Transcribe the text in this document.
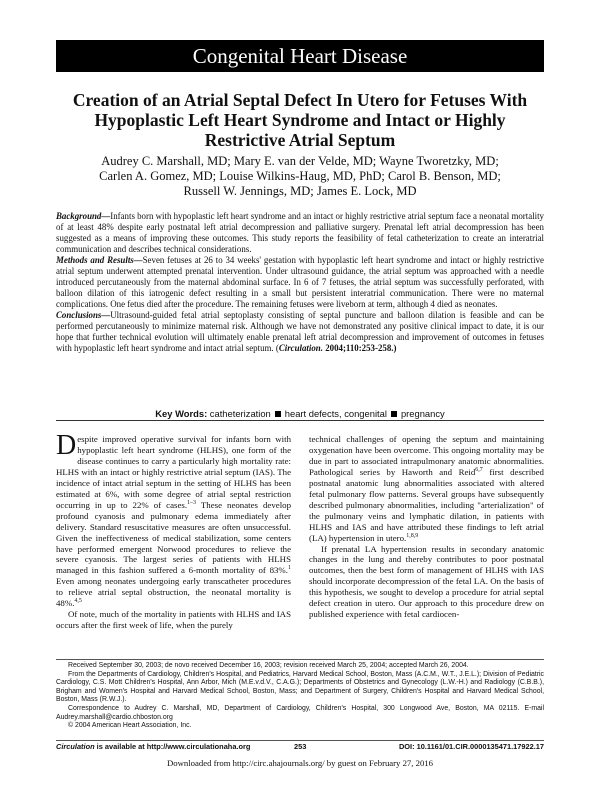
Congenital Heart Disease
Creation of an Atrial Septal Defect In Utero for Fetuses With Hypoplastic Left Heart Syndrome and Intact or Highly Restrictive Atrial Septum
Audrey C. Marshall, MD; Mary E. van der Velde, MD; Wayne Tworetzky, MD;
Carlen A. Gomez, MD; Louise Wilkins-Haug, MD, PhD; Carol B. Benson, MD;
Russell W. Jennings, MD; James E. Lock, MD

Background—Infants born with hypoplastic left heart syndrome and an intact or highly restrictive atrial septum face a neonatal mortality of at least 48% despite early postnatal left atrial decompression and palliative surgery. Prenatal left atrial decompression has been suggested as a means of improving these outcomes. This study reports the feasibility of fetal catheterization to create an interatrial communication and describes technical considerations.

Methods and Results—Seven fetuses at 26 to 34 weeks' gestation with hypoplastic left heart syndrome and intact or highly restrictive atrial septum underwent attempted prenatal intervention. Under ultrasound guidance, the atrial septum was approached with a needle introduced percutaneously from the maternal abdominal surface. In 6 of 7 fetuses, the atrial septum was successfully perforated, with balloon dilation of this iatrogenic defect resulting in a small but persistent interatrial communication. There were no maternal complications. One fetus died after the procedure. The remaining fetuses were liveborn at term, although 4 died as neonates.

Conclusions—Ultrasound-guided fetal atrial septoplasty consisting of septal puncture and balloon dilation is feasible and can be performed percutaneously to minimize maternal risk. Although we have not demonstrated any positive clinical impact to date, it is our hope that further technical evolution will ultimately enable prenatal left atrial decompression and improvement of outcomes in fetuses with hypoplastic left heart syndrome and intact atrial septum. (Circulation. 2004;110:253-258.)

Key Words: catheterization heart defects, congenital pregnancy

Despite improved operative survival for infants born with hypoplastic left heart syndrome (HLHS), one form of the disease continues to carry a particularly high mortality rate: HLHS with an intact or highly restrictive atrial septum (IAS). The incidence of intact atrial septum in the setting of HLHS has been estimated at 6%, with some degree of atrial septal restriction occurring in up to 22% of cases.$^{1-3}$ These neonates develop profound cyanosis and pulmonary edema immediately after delivery. Standard resuscitative measures are often unsuccessful. Given the ineffectiveness of medical stabilization, some centers have performed emergent Norwood procedures to relieve the severe cyanosis. The largest series of patients with HLHS managed in this fashion suffered a 6-month mortality of 83%.$^1$ Even among neonates undergoing early transcatheter procedures to relieve atrial septal obstruction, the neonatal mortality is 48%.$^{4,5}$

Of note, much of the mortality in patients with HLHS and IAS occurs after the first week of life, when the purely

technical challenges of opening the septum and maintaining oxygenation have been overcome. This ongoing mortality may be due in part to associated intrapulmonary anatomic abnormalities. Pathological series by Haworth and Reid$^{6,7}$ first described postnatal anatomic lung abnormalities associated with altered fetal pulmonary flow patterns. Several groups have subsequently described pulmonary abnormalities, including "arterialization" of the pulmonary veins and lymphatic dilation, in patients with HLHS and IAS and have attributed these findings to left atrial (LA) hypertension in utero.$^{1,8,9}$

If prenatal LA hypertension results in secondary anatomic changes in the lung and thereby contributes to poor postnatal outcomes, then the best form of management of HLHS with IAS should incorporate decompression of the fetal LA. On the basis of this hypothesis, we sought to develop a procedure for atrial septal defect creation in utero. Our approach to this procedure drew on published experience with fetal cardiocen-

Received September 30, 2003; de novo received December 16, 2003; revision received March 25, 2004; accepted March 26, 2004.

From the Departments of Cardiology, Children's Hospital, and Pediatrics, Harvard Medical School, Boston, Mass (A.C.M., W.T., J.E.L.); Division of Pediatric Cardiology, C.S. Mott Children's Hospital, Ann Arbor, Mich (M.E.v.d.V., C.A.G.); Departments of Obstetrics and Gynecology (L.W.-H.) and Radiology (C.B.B.), Brigham and Women's Hospital and Harvard Medical School, Boston, Mass; and Department of Surgery, Children's Hospital and Harvard Medical School, Boston, Mass (R.W.J.).

Correspondence to Audrey C. Marshall, MD, Department of Cardiology, Children's Hospital, 300 Longwood Ave, Boston, MA 02115. E-mail Audrey.marshall@cardio.chboston.org

© 2004 American Heart Association, Inc.

Circulation is available at http://www.circulationaha.org	253	DOI: 10.1161/01.CIR.0000135471.17922.17
Downloaded from http://circ.ahajournals.org/ by guest on February 27, 2016
